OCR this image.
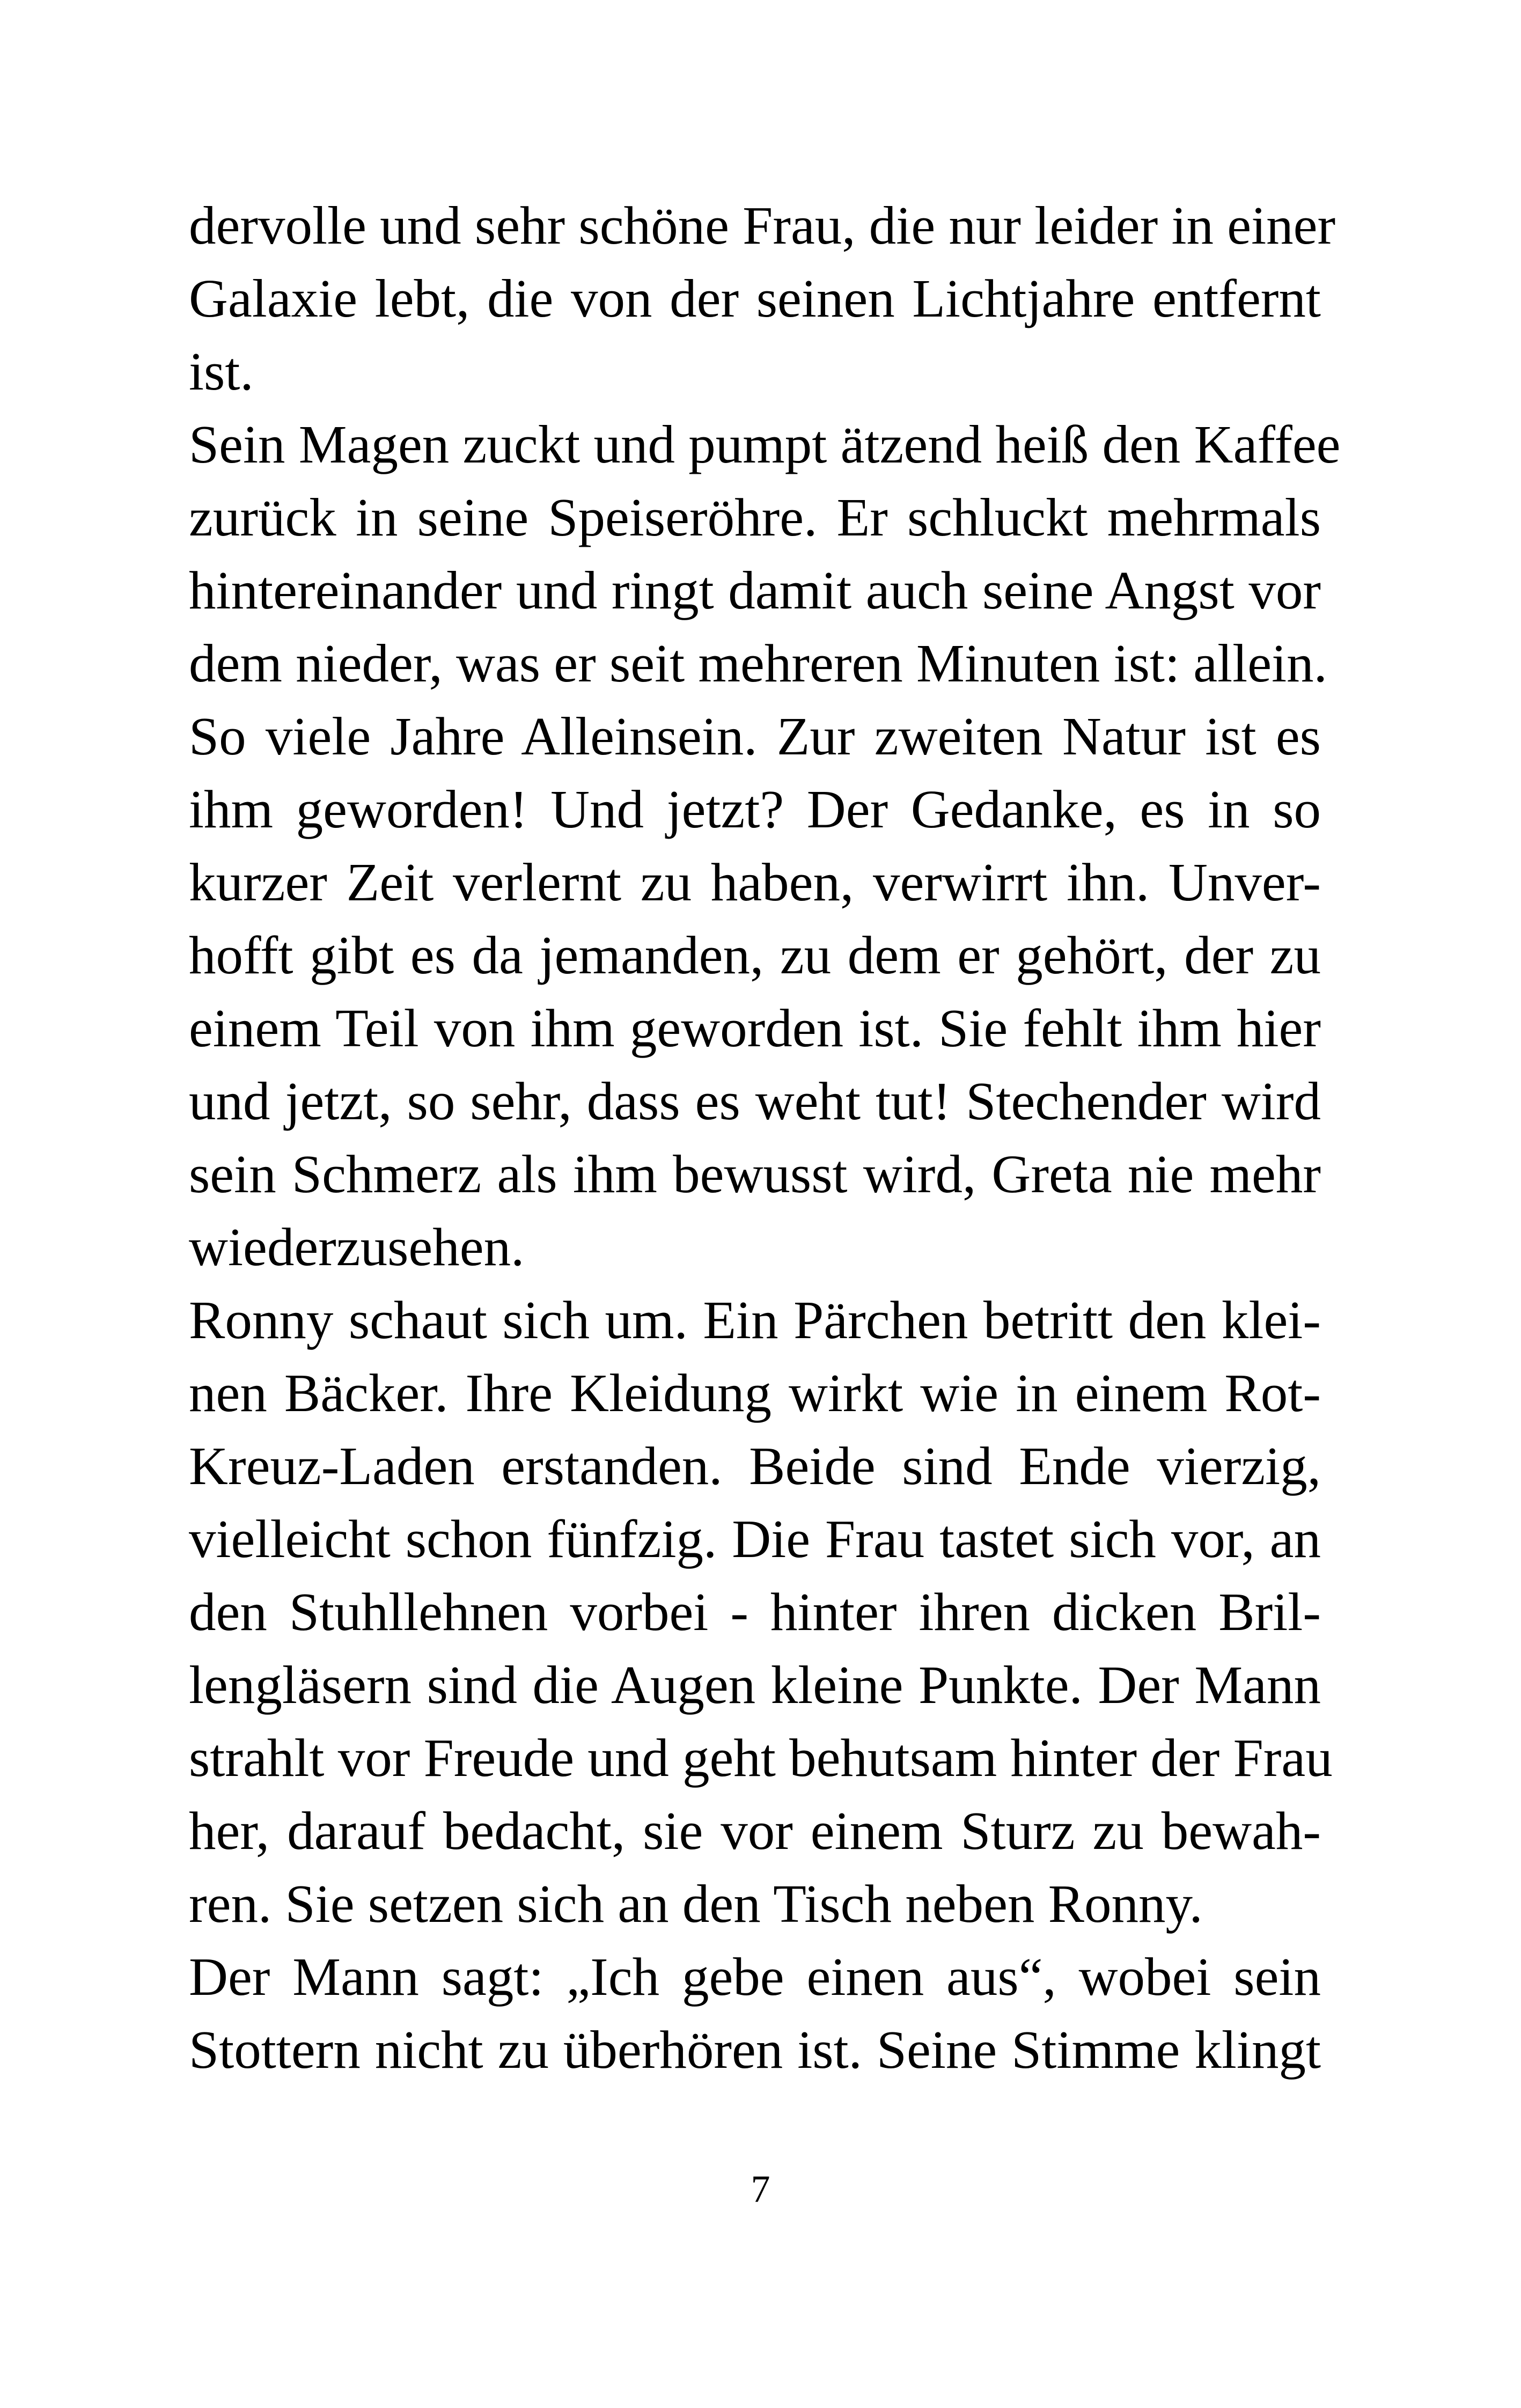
dervolle und sehr schöne Frau, die nur leider in einer
Galaxie lebt, die von der seinen Lichtjahre entfernt
ist.
Sein Magen zuckt und pumpt ätzend heiß den Kaffee
zurück in seine Speiseröhre. Er schluckt mehrmals
hintereinander und ringt damit auch seine Angst vor
dem nieder, was er seit mehreren Minuten ist: allein.
So viele Jahre Alleinsein. Zur zweiten Natur ist es
ihm geworden! Und jetzt? Der Gedanke, es in so
kurzer Zeit verlernt zu haben, verwirrt ihn. Unver-
hofft gibt es da jemanden, zu dem er gehört, der zu
einem Teil von ihm geworden ist. Sie fehlt ihm hier
und jetzt, so sehr, dass es weht tut! Stechender wird
sein Schmerz als ihm bewusst wird, Greta nie mehr
wiederzusehen.
Ronny schaut sich um. Ein Pärchen betritt den klei-
nen Bäcker. Ihre Kleidung wirkt wie in einem Rot-
Kreuz-Laden erstanden. Beide sind Ende vierzig,
vielleicht schon fünfzig. Die Frau tastet sich vor, an
den Stuhllehnen vorbei - hinter ihren dicken Bril-
lengläsern sind die Augen kleine Punkte. Der Mann
strahlt vor Freude und geht behutsam hinter der Frau
her, darauf bedacht, sie vor einem Sturz zu bewah-
ren. Sie setzen sich an den Tisch neben Ronny.
Der Mann sagt: „Ich gebe einen aus“, wobei sein
Stottern nicht zu überhören ist. Seine Stimme klingt
7
